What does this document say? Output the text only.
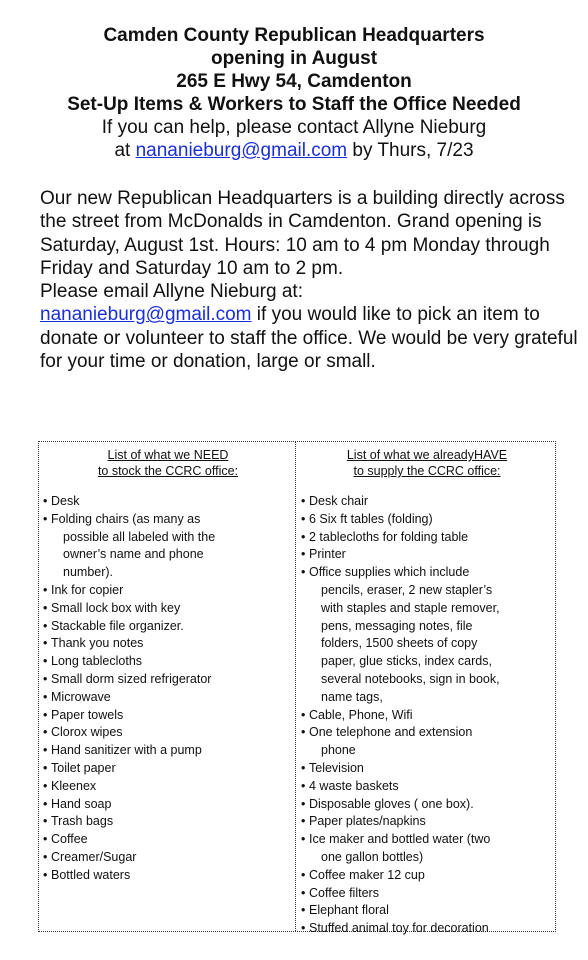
Camden County Republican Headquarters

opening in August

265 E Hwy 54, Camdenton

Set-Up Items & Workers to Staff the Office Needed

If you can help, please contact Allyne Nieburg

at nananieburg@gmail.com by Thurs, 7/23

Our new Republican Headquarters is a building directly across the street from McDonalds in Camdenton. Grand opening is Saturday, August 1st. Hours: 10 am to 4 pm Monday through Friday and Saturday 10 am to 2 pm.

Please email Allyne Nieburg at:

nananieburg@gmail.com if you would like to pick an item to donate or volunteer to staff the office. We would be very grateful for your time or donation, large or small.

List of what we NEED
to stock the CCRC office:

• Desk
• Folding chairs (as many as
possible all labeled with the
owner’s name and phone
number).
• Ink for copier
• Small lock box with key
• Stackable file organizer.
• Thank you notes
• Long tablecloths
• Small dorm sized refrigerator
• Microwave
• Paper towels
• Clorox wipes
• Hand sanitizer with a pump
• Toilet paper
• Kleenex
• Hand soap
• Trash bags
• Coffee
• Creamer/Sugar
• Bottled waters

List of what we alreadyHAVE
to supply the CCRC office:

• Desk chair
• 6 Six ft tables (folding)
• 2 tablecloths for folding table
• Printer
• Office supplies which include
pencils, eraser, 2 new stapler’s
with staples and staple remover,
pens, messaging notes, file
folders, 1500 sheets of copy
paper, glue sticks, index cards,
several notebooks, sign in book,
name tags,
• Cable, Phone, Wifi
• One telephone and extension
phone
• Television
• 4 waste baskets
• Disposable gloves ( one box).
• Paper plates/napkins
• Ice maker and bottled water (two
one gallon bottles)
• Coffee maker 12 cup
• Coffee filters
• Elephant floral
• Stuffed animal toy for decoration
